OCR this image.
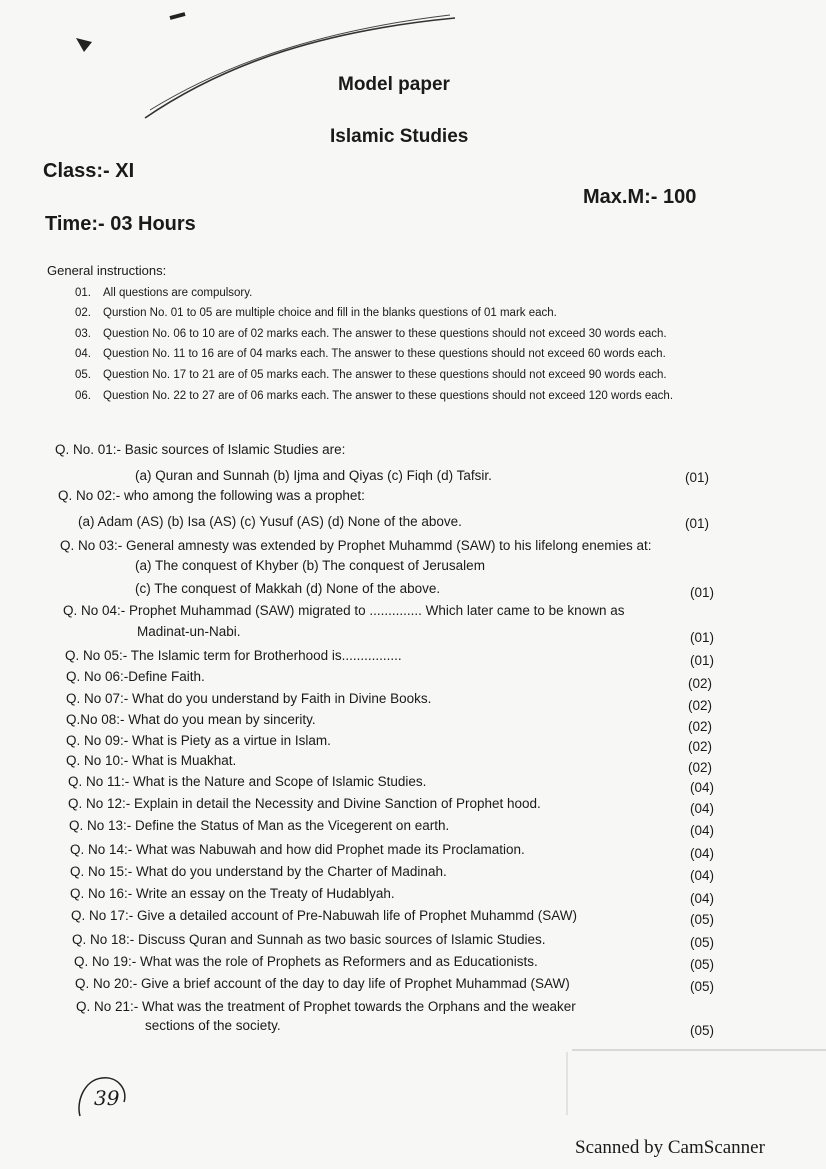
Model paper
Islamic Studies
Class:- XI
Max.M:- 100
Time:- 03 Hours
General instructions:
01. All questions are compulsory.
02. Qurstion No. 01 to 05 are multiple choice and fill in the blanks questions of 01 mark each.
03. Question No. 06 to 10 are of 02 marks each. The answer to these questions should not exceed 30 words each.
04. Question No. 11 to 16 are of 04 marks each. The answer to these questions should not exceed 60 words each.
05. Question No. 17 to 21 are of 05 marks each. The answer to these questions should not exceed 90 words each.
06. Question No. 22 to 27 are of 06 marks each. The answer to these questions should not exceed 120 words each.
Q. No. 01:- Basic sources of Islamic Studies are:
(a) Quran and Sunnah (b) Ijma and Qiyas (c) Fiqh (d) Tafsir.	(01)
Q. No 02:- who among the following was a prophet:
(a) Adam (AS) (b) Isa (AS) (c) Yusuf (AS) (d) None of the above.	(01)
Q. No 03:- General amnesty was extended by Prophet Muhammd (SAW) to his lifelong enemies at:
(a) The conquest of Khyber (b) The conquest of Jerusalem
(c) The conquest of Makkah (d) None of the above.	(01)
Q. No 04:- Prophet Muhammad (SAW) migrated to .............. Which later came to be known as
Madinat-un-Nabi.	(01)
Q. No 05:- The Islamic term for Brotherhood is................	(01)
Q. No 06:-Define Faith.	(02)
Q. No 07:- What do you understand by Faith in Divine Books.	(02)
Q.No 08:- What do you mean by sincerity.	(02)
Q. No 09:- What is Piety as a virtue in Islam.	(02)
Q. No 10:- What is Muakhat.	(02)
Q. No 11:- What is the Nature and Scope of Islamic Studies.	(04)
Q. No 12:- Explain in detail the Necessity and Divine Sanction of Prophet hood.	(04)
Q. No 13:- Define the Status of Man as the Vicegerent on earth.	(04)
Q. No 14:- What was Nabuwah and how did Prophet made its Proclamation.	(04)
Q. No 15:- What do you understand by the Charter of Madinah.	(04)
Q. No 16:- Write an essay on the Treaty of Hudablyah.	(04)
Q. No 17:- Give a detailed account of Pre-Nabuwah life of Prophet Muhammd (SAW)	(05)
Q. No 18:- Discuss Quran and Sunnah as two basic sources of Islamic Studies.	(05)
Q. No 19:- What was the role of Prophets as Reformers and as Educationists.	(05)
Q. No 20:- Give a brief account of the day to day life of Prophet Muhammad (SAW)	(05)
Q. No 21:- What was the treatment of Prophet towards the Orphans and the weaker
sections of the society.	(05)
39
Scanned by CamScanner
